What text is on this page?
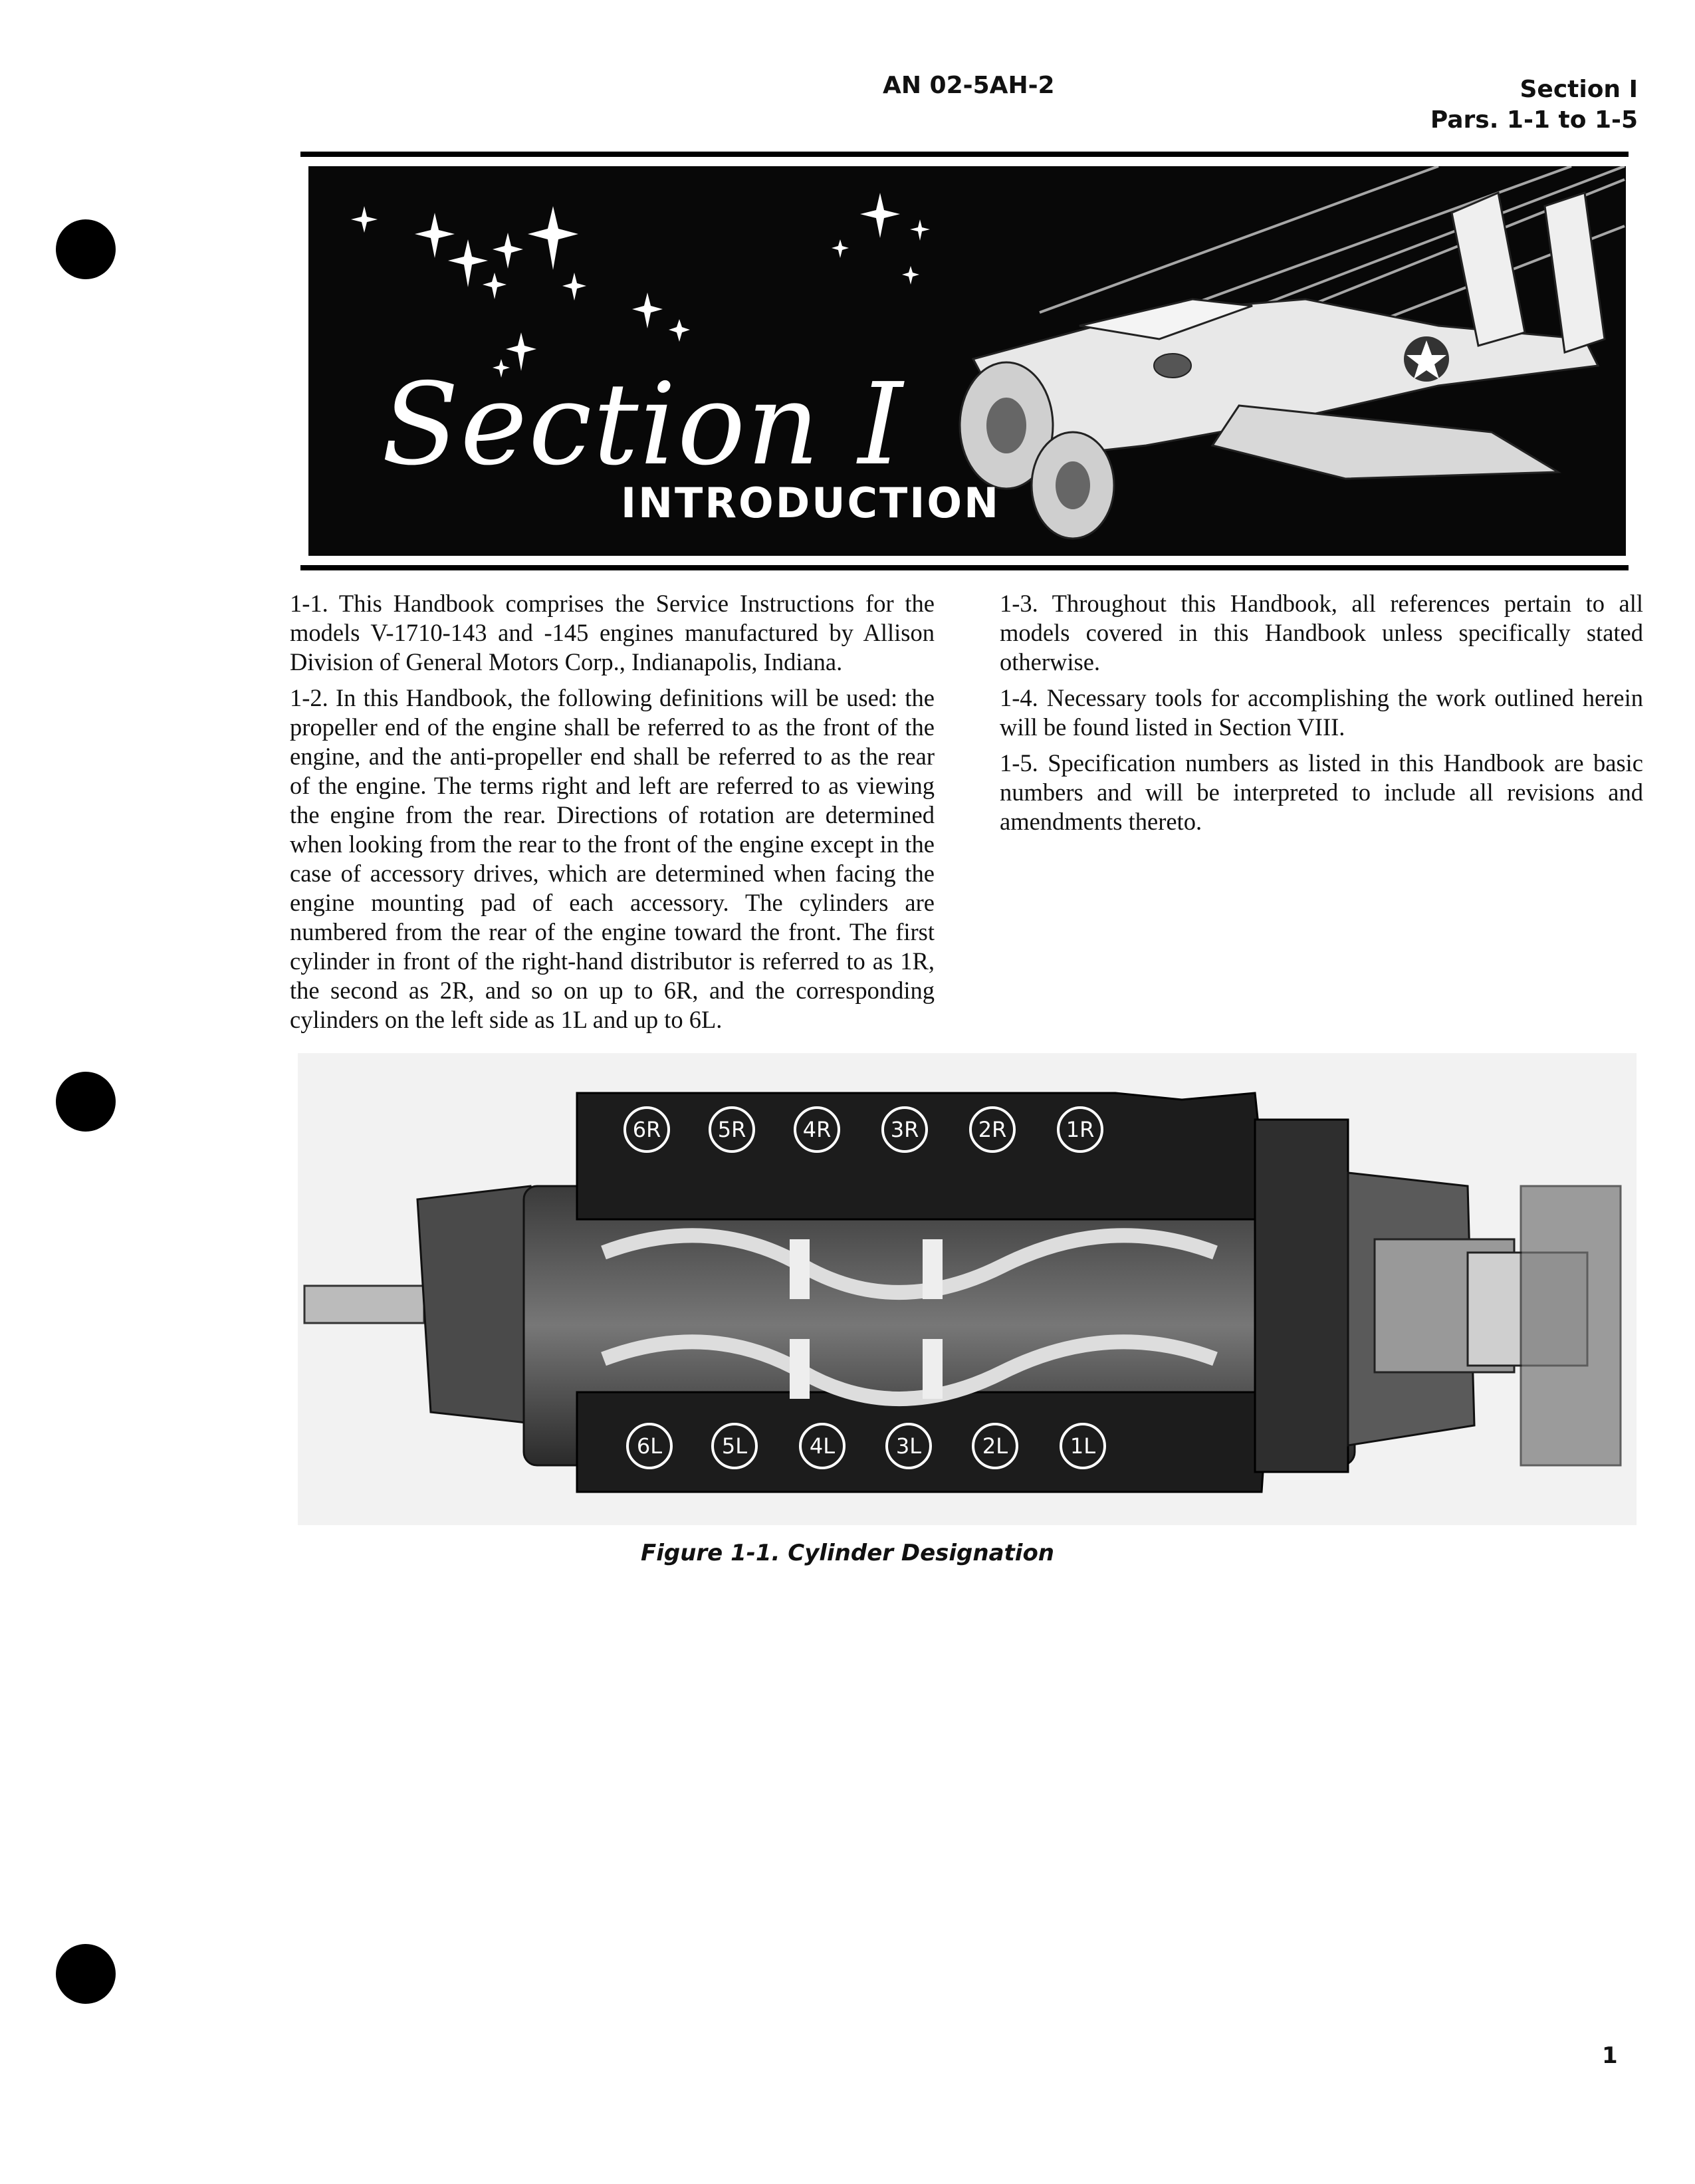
AN 02-5AH-2	Section I
Pars. 1-1 to 1-5
Section I
INTRODUCTION

1-1. This Handbook comprises the Service Instructions for the models V-1710-143 and -145 engines manufactured by Allison Division of General Motors Corp., Indianapolis, Indiana.

1-2. In this Handbook, the following definitions will be used: the propeller end of the engine shall be referred to as the front of the engine, and the anti-propeller end shall be referred to as the rear of the engine. The terms right and left are referred to as viewing the engine from the rear. Directions of rotation are determined when looking from the rear to the front of the engine except in the case of accessory drives, which are determined when facing the engine mounting pad of each accessory. The cylinders are numbered from the rear of the engine toward the front. The first cylinder in front of the right-hand distributor is referred to as 1R, the second as 2R, and so on up to 6R, and the corresponding cylinders on the left side as 1L and up to 6L.

1-3. Throughout this Handbook, all references pertain to all models covered in this Handbook unless specifically stated otherwise.

1-4. Necessary tools for accomplishing the work outlined herein will be found listed in Section VIII.

1-5. Specification numbers as listed in this Handbook are basic numbers and will be interpreted to include all revisions and amendments thereto.

6R	5R	4R	3R	2R	1R
6L	5L	4L	3L	2L	1L
Figure 1-1. Cylinder Designation
1
